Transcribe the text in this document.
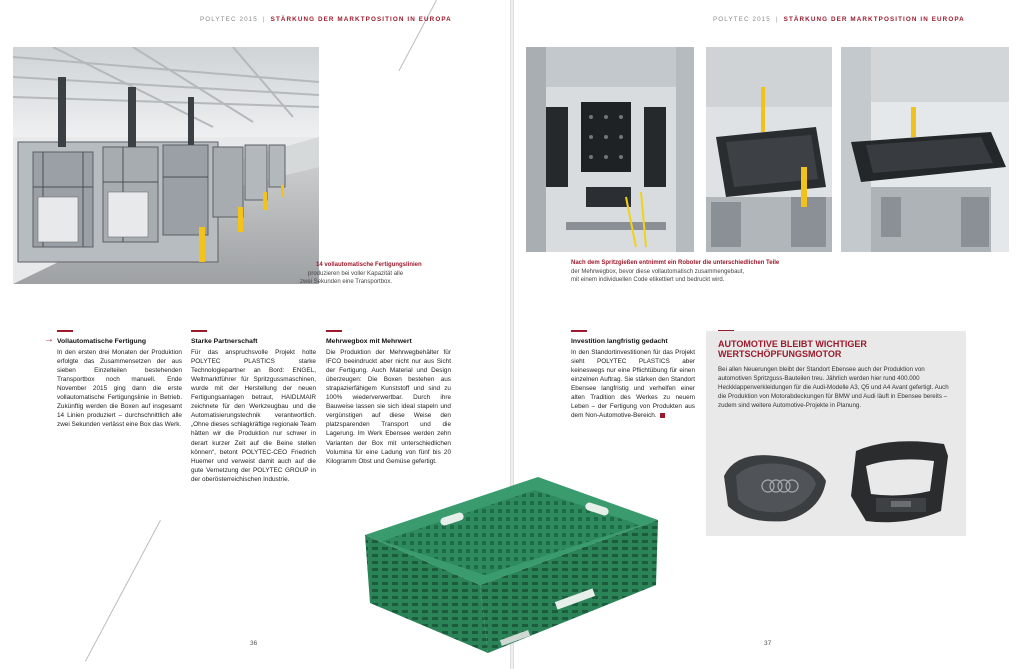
POLYTEC 2015 | STÄRKUNG DER MARKTPOSITION IN EUROPA	POLYTEC 2015 | STÄRKUNG DER MARKTPOSITION IN EUROPA
14 vollautomatische Fertigungslinien
produzieren bei voller Kapazität alle
zwei Sekunden eine Transportbox.
Nach dem Spritzgießen entnimmt ein Roboter die unterschiedlichen Teile
der Mehrwegbox, bevor diese vollautomatisch zusammengebaut,
mit einem individuellen Code etikettiert und bedruckt wird.
→ Vollautomatische Fertigung

In den ersten drei Monaten der Produktion erfolgte das Zusammensetzen der aus sieben Einzelteilen bestehenden Transportbox noch manuell. Ende November 2015 ging dann die erste vollautomatische Fertigungslinie in Betrieb. Zukünftig werden die Boxen auf insgesamt 14 Linien produziert – durchschnittlich alle zwei Sekunden verlässt eine Box das Werk.

Starke Partnerschaft

Für das anspruchsvolle Projekt holte POLYTEC PLASTICS starke Technologiepartner an Bord: ENGEL, Weltmarktführer für Spritzgussmaschinen, wurde mit der Herstellung der neuen Fertigungsanlagen betraut, HAIDLMAIR zeichnete für den Werkzeugbau und die Automatisierungstechnik verantwortlich. „Ohne dieses schlagkräftige regionale Team hätten wir die Produktion nur schwer in derart kurzer Zeit auf die Beine stellen können“, betont POLYTEC-CEO Friedrich Huemer und verweist damit auch auf die gute Vernetzung der POLYTEC GROUP in der oberösterreichischen Industrie.

Mehrwegbox mit Mehrwert

Die Produktion der Mehrwegbehälter für IFCO beeindruckt aber nicht nur aus Sicht der Fertigung. Auch Material und Design überzeugen: Die Boxen bestehen aus strapazierfähigem Kunststoff und sind zu 100% wiederverwertbar. Durch ihre Bauweise lassen sie sich ideal stapeln und vergünstigen auf diese Weise den platzsparenden Transport und die Lagerung. Im Werk Ebensee werden zehn Varianten der Box mit unterschiedlichen Volumina für eine Ladung von fünf bis 20 Kilogramm Obst und Gemüse gefertigt.

Investition langfristig gedacht

In den Standortinvestitionen für das Projekt sieht POLYTEC PLASTICS aber keineswegs nur eine Pflichtübung für einen einzelnen Auftrag. Sie stärken den Standort Ebensee langfristig und verhelfen einer alten Tradition des Werkes zu neuem Leben – der Fertigung von Produkten aus dem Non-Automotive-Bereich.

AUTOMOTIVE BLEIBT WICHTIGER WERTSCHÖPFUNGSMOTOR

Bei allen Neuerungen bleibt der Standort Ebensee auch der Produktion von automotiven Spritzguss-Bauteilen treu. Jährlich werden hier rund 400.000 Heckklappenverkleidungen für die Audi-Modelle A3, Q5 und A4 Avant gefertigt. Auch die Produktion von Motorabdeckungen für BMW und Audi läuft in Ebensee bereits – zudem sind weitere Automotive-Projekte in Planung.

36	37
